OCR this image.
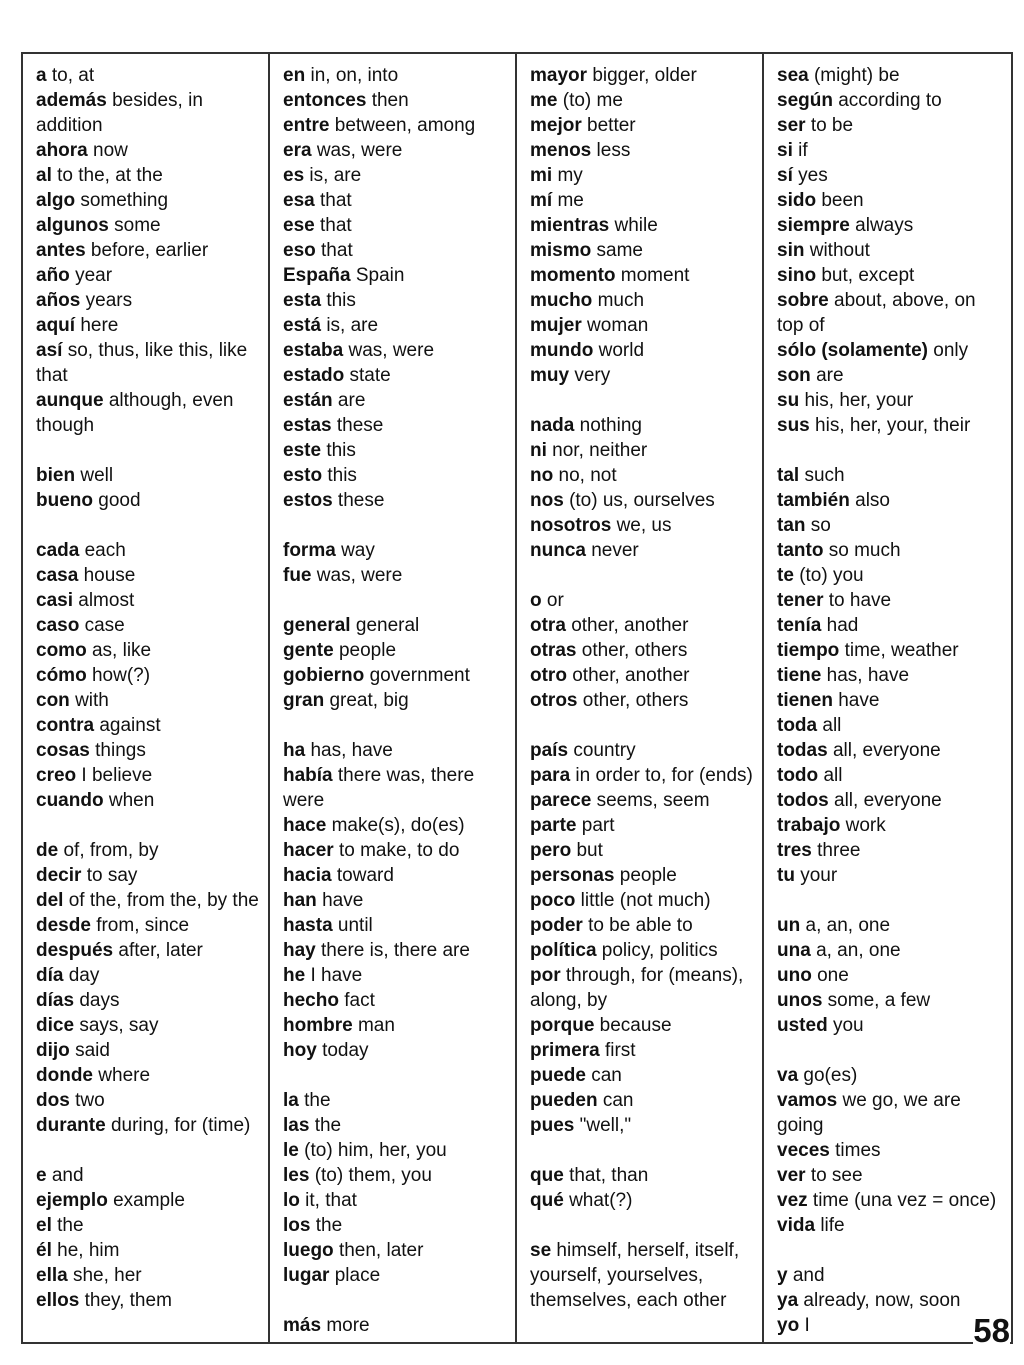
a to, at
además besides, in addition
ahora now
al to the, at the
algo something
algunos some
antes before, earlier
año year
años years
aquí here
así so, thus, like this, like that
aunque although, even though
bien well
bueno good
cada each
casa house
casi almost
caso case
como as, like
cómo how(?)
con with
contra against
cosas things
creo I believe
cuando when
de of, from, by
decir to say
del of the, from the, by the
desde from, since
después after, later
día day
días days
dice says, say
dijo said
donde where
dos two
durante during, for (time)
e and
ejemplo example
el the
él he, him
ella she, her
ellos they, them
en in, on, into
entonces then
entre between, among
era was, were
es is, are
esa that
ese that
eso that
España Spain
esta this
está is, are
estaba was, were
estado state
están are
estas these
este this
esto this
estos these
forma way
fue was, were
general general
gente people
gobierno government
gran great, big
ha has, have
había there was, there were
hace make(s), do(es)
hacer to make, to do
hacia toward
han have
hasta until
hay there is, there are
he I have
hecho fact
hombre man
hoy today
la the
las the
le (to) him, her, you
les (to) them, you
lo it, that
los the
luego then, later
lugar place
más more
mayor bigger, older
me (to) me
mejor better
menos less
mi my
mí me
mientras while
mismo same
momento moment
mucho much
mujer woman
mundo world
muy very
nada nothing
ni nor, neither
no no, not
nos (to) us, ourselves
nosotros we, us
nunca never
o or
otra other, another
otras other, others
otro other, another
otros other, others
país country
para in order to, for (ends)
parece seems, seem
parte part
pero but
personas people
poco little (not much)
poder to be able to
política policy, politics
por through, for (means), along, by
porque because
primera first
puede can
pueden can
pues "well,"
que that, than
qué what(?)
se himself, herself, itself, yourself, yourselves, themselves, each other
sea (might) be
según according to
ser to be
si if
sí yes
sido been
siempre always
sin without
sino but, except
sobre about, above, on top of
sólo (solamente) only
son are
su his, her, your
sus his, her, your, their
tal such
también also
tan so
tanto so much
te (to) you
tener to have
tenía had
tiempo time, weather
tiene has, have
tienen have
toda all
todas all, everyone
todo all
todos all, everyone
trabajo work
tres three
tu your
un a, an, one
una a, an, one
uno one
unos some, a few
usted you
va go(es)
vamos we go, we are going
veces times
ver to see
vez time (una vez = once)
vida life
y and
ya already, now, soon
yo I	58
